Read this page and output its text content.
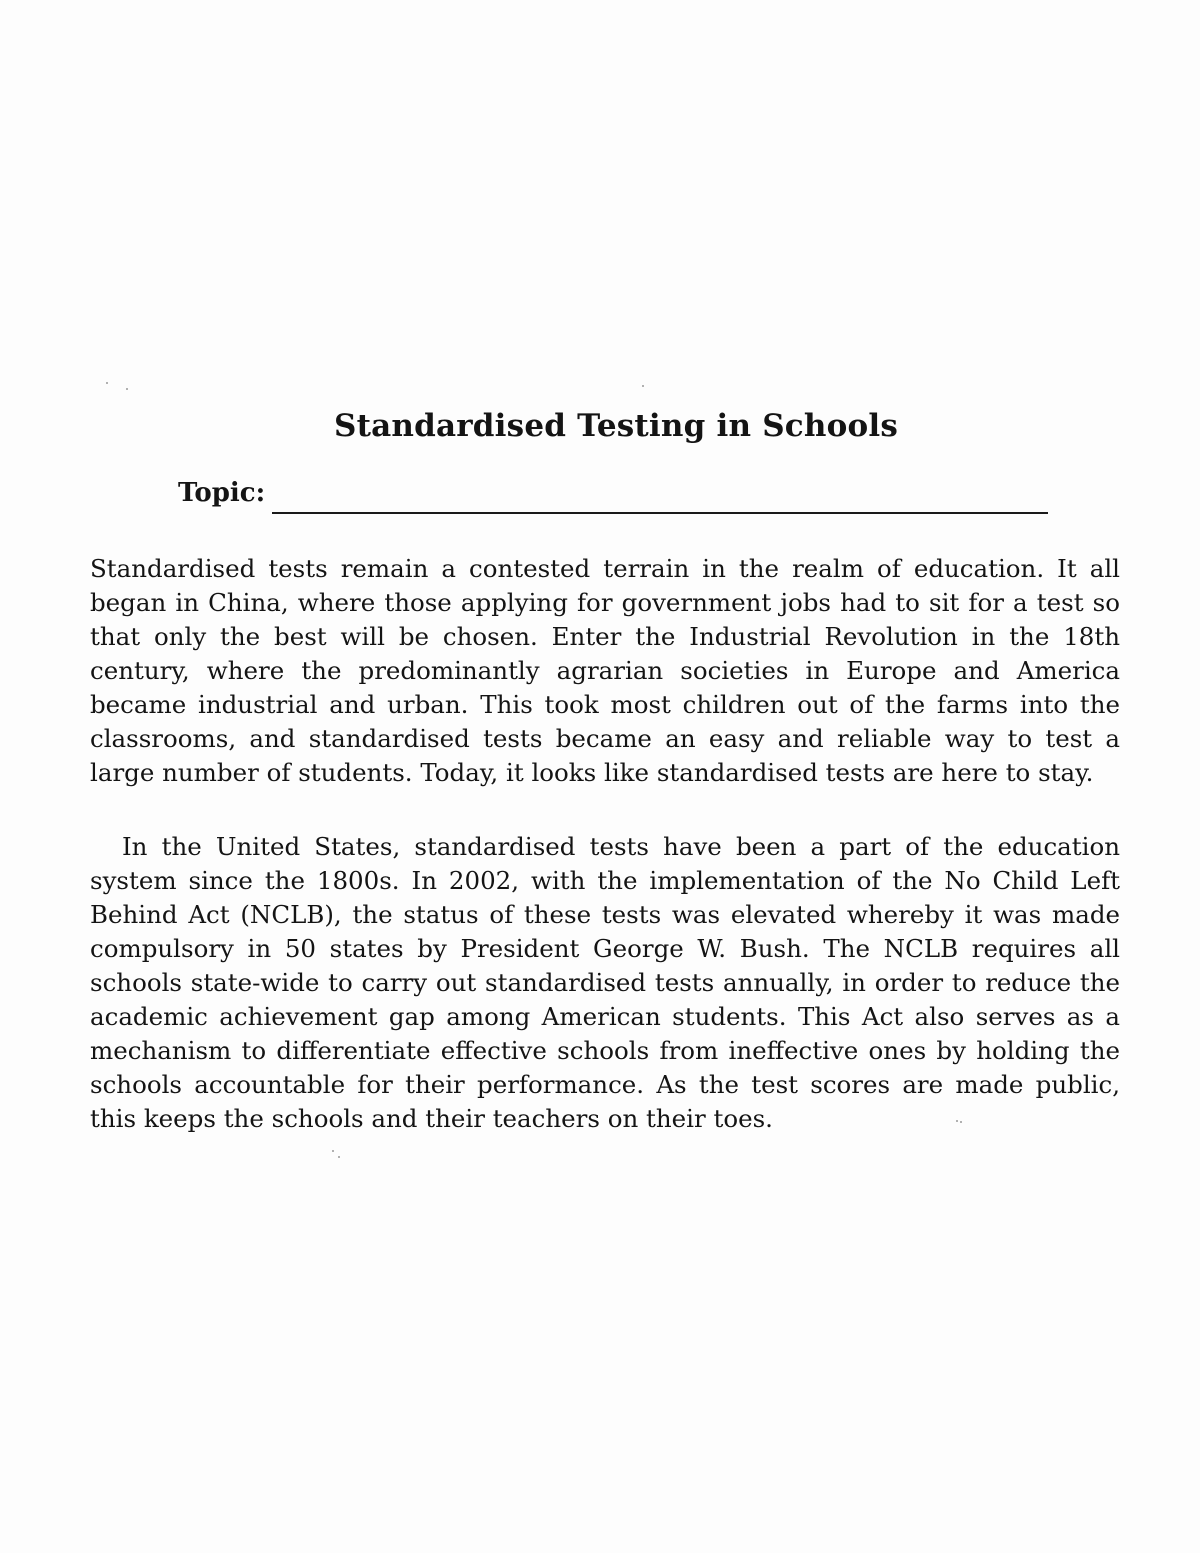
Standardised Testing in Schools
Topic:

Standardised tests remain a contested terrain in the realm of education. It all began in China, where those applying for government jobs had to sit for a test so that only the best will be chosen. Enter the Industrial Revolution in the 18th century, where the predominantly agrarian societies in Europe and America became industrial and urban. This took most children out of the farms into the classrooms, and standardised tests became an easy and reliable way to test a large number of students. Today, it looks like standardised tests are here to stay.

In the United States, standardised tests have been a part of the education system since the 1800s. In 2002, with the implementation of the No Child Left Behind Act (NCLB), the status of these tests was elevated whereby it was made compulsory in 50 states by President George W. Bush. The NCLB requires all schools state-wide to carry out standardised tests annually, in order to reduce the academic achievement gap among American students. This Act also serves as a mechanism to differentiate effective schools from ineffective ones by holding the schools accountable for their performance. As the test scores are made public, this keeps the schools and their teachers on their toes.
